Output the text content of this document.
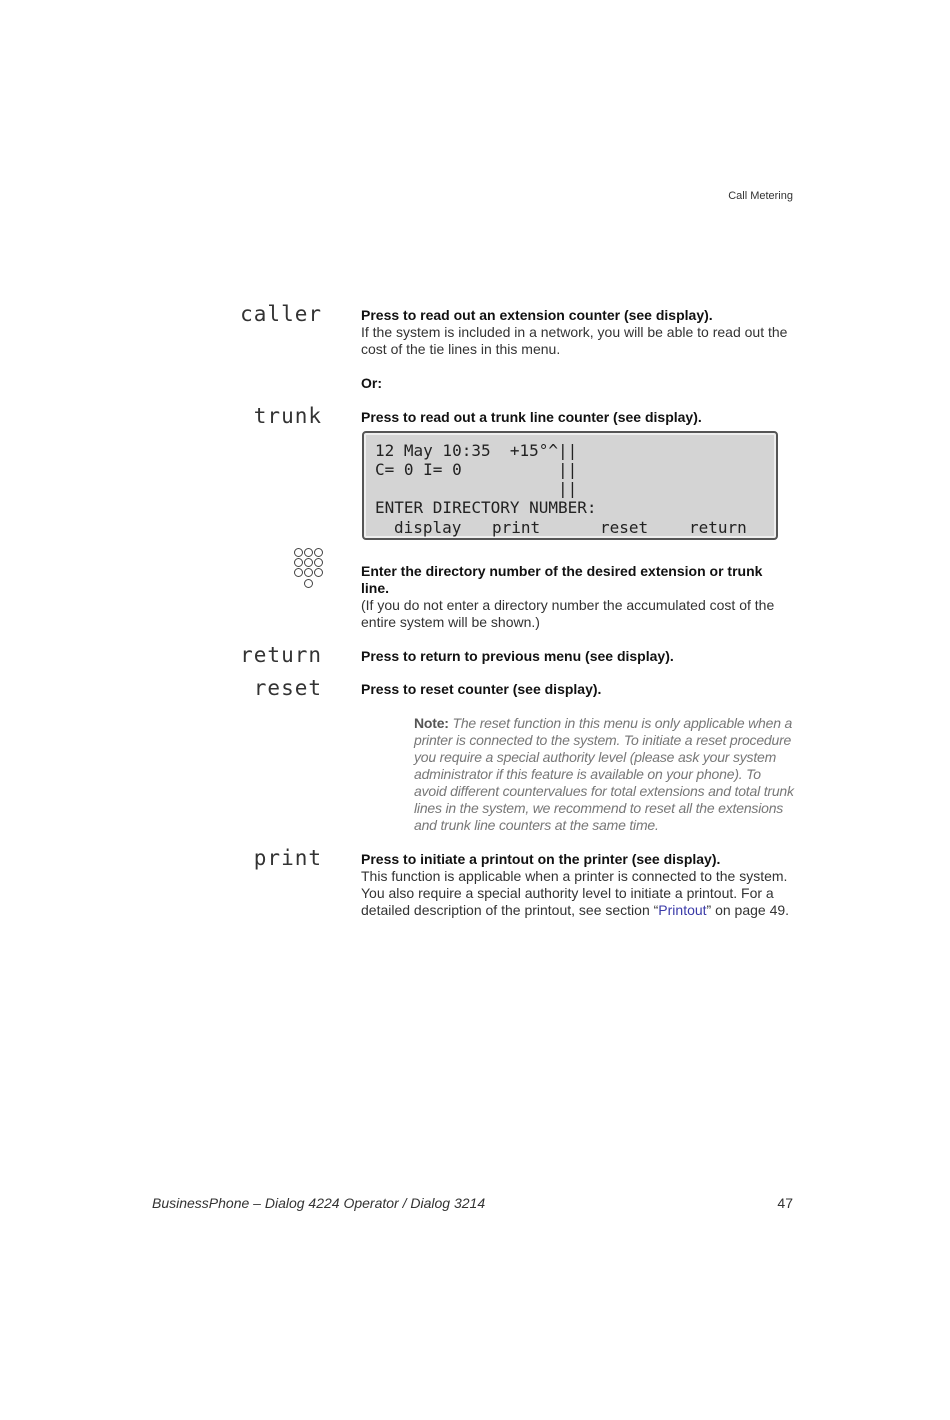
Call Metering
caller	Press to read out an extension counter (see display).
If the system is included in a network, you will be able to read out the cost of the tie lines in this menu.
Or:
trunk	Press to read out a trunk line counter (see display).
12 May 10:35  +15°^||
C= 0 I= 0          ||
||
ENTER DIRECTORY NUMBER:
display print	reset	return
Enter the directory number of the desired extension or trunk line.
(If you do not enter a directory number the accumulated cost of the entire system will be shown.)
return	Press to return to previous menu (see display).
reset	Press to reset counter (see display).
Note: The reset function in this menu is only applicable when a printer is connected to the system. To initiate a reset procedure you require a special authority level (please ask your system administrator if this feature is available on your phone). To avoid different countervalues for total extensions and total trunk lines in the system, we recommend to reset all the extensions and trunk line counters at the same time.
print	Press to initiate a printout on the printer (see display).
This function is applicable when a printer is connected to the system. You also require a special authority level to initiate a printout. For a detailed description of the printout, see section “Printout” on page 49.
BusinessPhone – Dialog 4224 Operator / Dialog 3214	47
